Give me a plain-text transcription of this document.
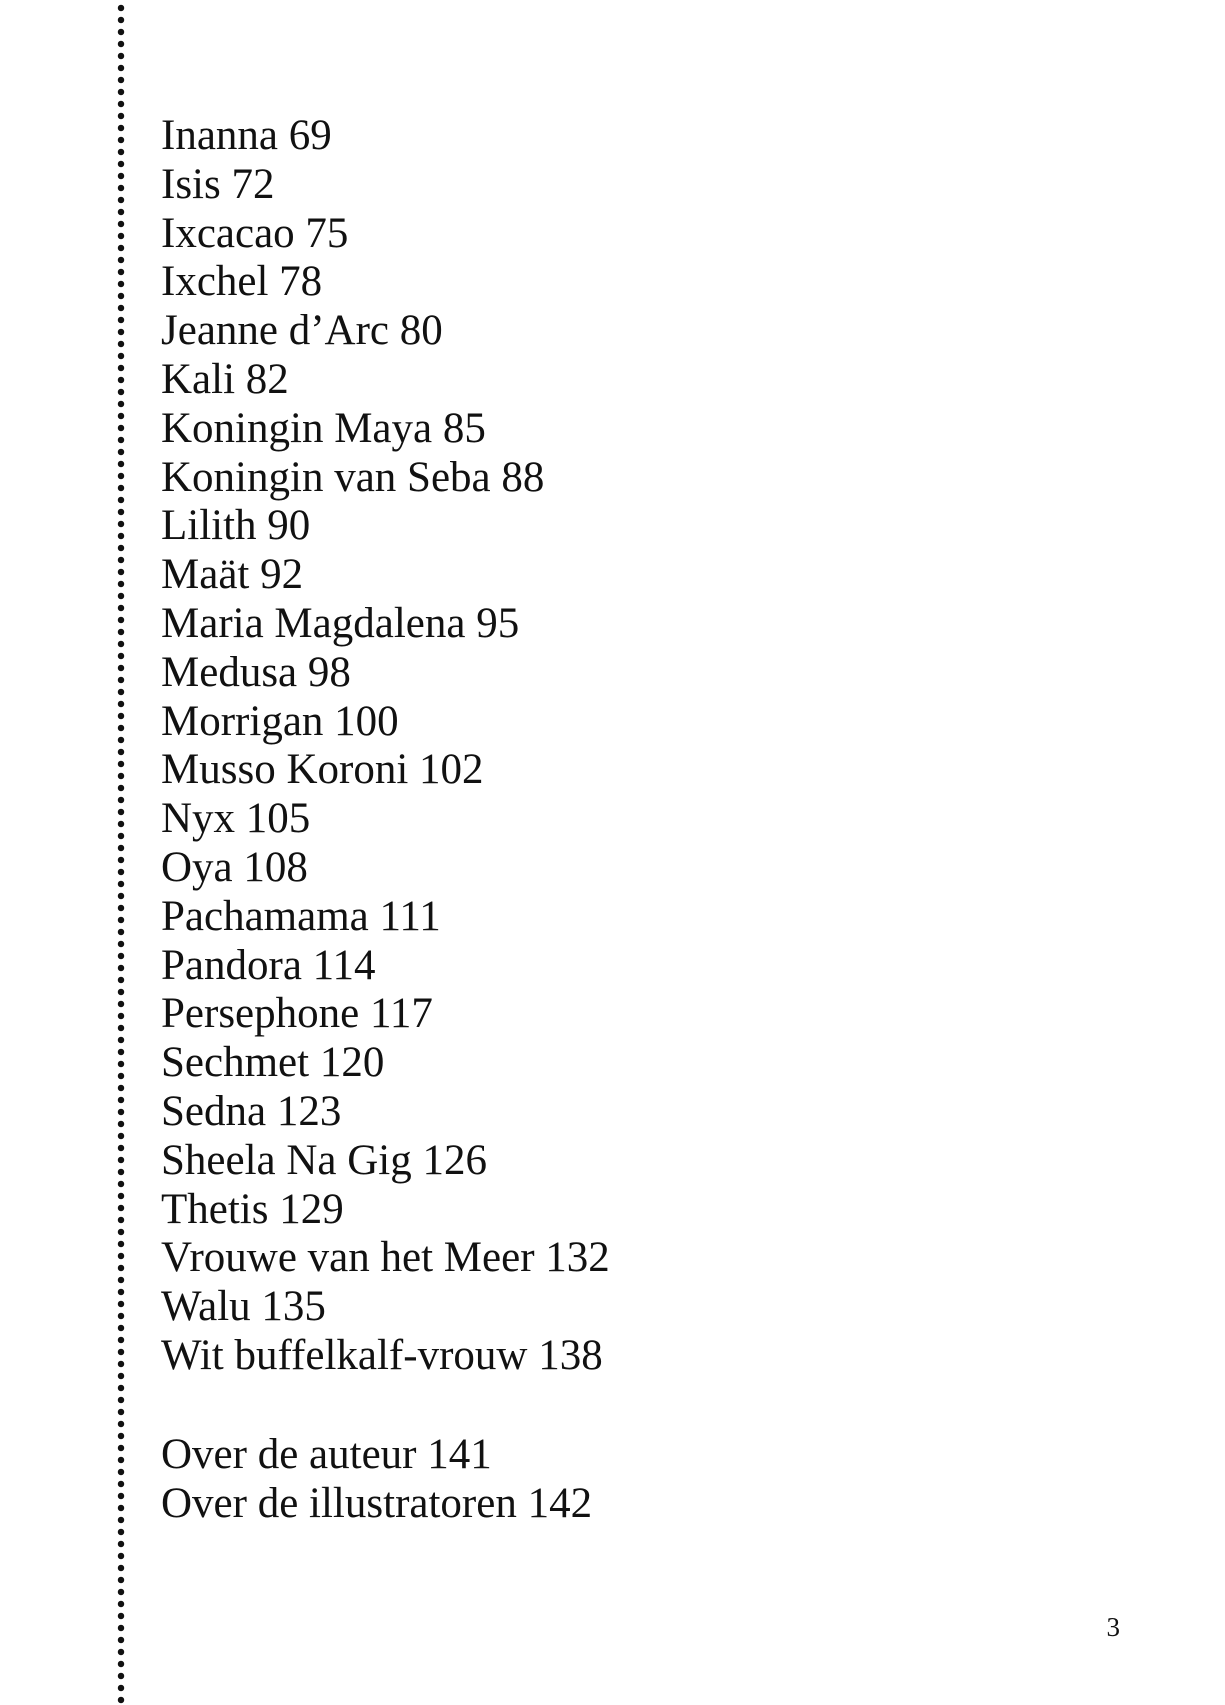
Inanna 69
Isis 72
Ixcacao 75
Ixchel 78
Jeanne d’Arc 80
Kali 82
Koningin Maya 85
Koningin van Seba 88
Lilith 90
Maät 92
Maria Magdalena 95
Medusa 98
Morrigan 100
Musso Koroni 102
Nyx 105
Oya 108
Pachamama 111
Pandora 114
Persephone 117
Sechmet 120
Sedna 123
Sheela Na Gig 126
Thetis 129
Vrouwe van het Meer 132
Walu 135
Wit buffelkalf-vrouw 138
Over de auteur 141
Over de illustratoren 142
3
